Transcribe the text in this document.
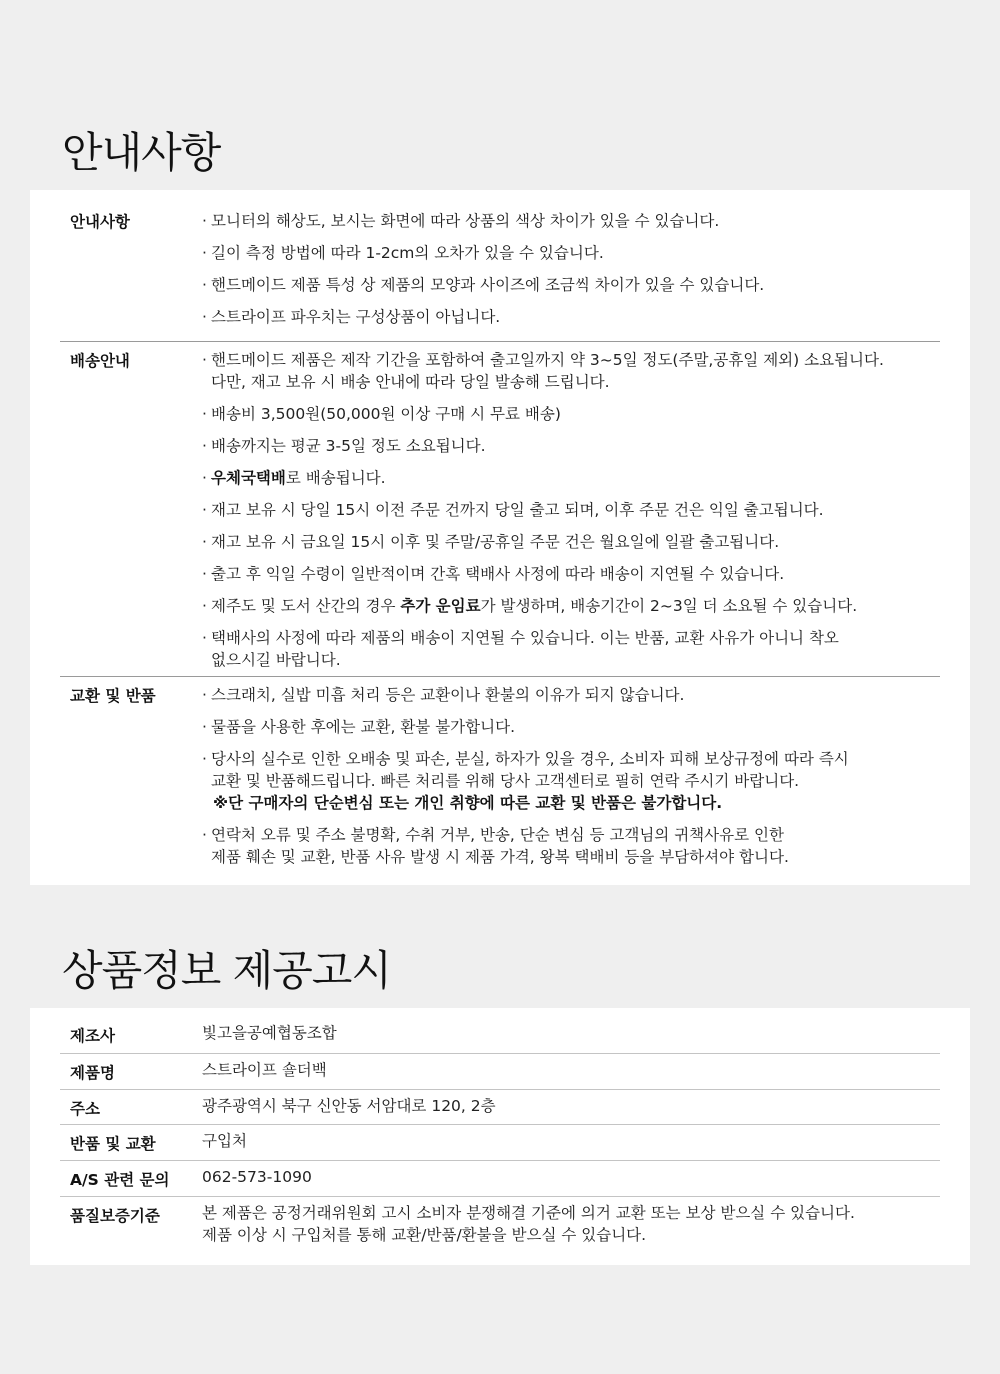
안내사항
안내사항	· 모니터의 해상도, 보시는 화면에 따라 상품의 색상 차이가 있을 수 있습니다.
· 길이 측정 방법에 따라 1-2cm의 오차가 있을 수 있습니다.
· 핸드메이드 제품 특성 상 제품의 모양과 사이즈에 조금씩 차이가 있을 수 있습니다.
· 스트라이프 파우치는 구성상품이 아닙니다.
배송안내	· 핸드메이드 제품은 제작 기간을 포함하여 출고일까지 약 3~5일 정도(주말,공휴일 제외) 소요됩니다.
다만, 재고 보유 시 배송 안내에 따라 당일 발송해 드립니다.
· 배송비 3,500원(50,000원 이상 구매 시 무료 배송)
· 배송까지는 평균 3-5일 정도 소요됩니다.
· 우체국택배로 배송됩니다.
· 재고 보유 시 당일 15시 이전 주문 건까지 당일 출고 되며, 이후 주문 건은 익일 출고됩니다.
· 재고 보유 시 금요일 15시 이후 및 주말/공휴일 주문 건은 월요일에 일괄 출고됩니다.
· 출고 후 익일 수령이 일반적이며 간혹 택배사 사정에 따라 배송이 지연될 수 있습니다.
· 제주도 및 도서 산간의 경우 추가 운임료가 발생하며, 배송기간이 2~3일 더 소요될 수 있습니다.
· 택배사의 사정에 따라 제품의 배송이 지연될 수 있습니다. 이는 반품, 교환 사유가 아니니 착오
없으시길 바랍니다.
교환 및 반품	· 스크래치, 실밥 미흡 처리 등은 교환이나 환불의 이유가 되지 않습니다.
· 물품을 사용한 후에는 교환, 환불 불가합니다.
· 당사의 실수로 인한 오배송 및 파손, 분실, 하자가 있을 경우, 소비자 피해 보상규정에 따라 즉시
교환 및 반품해드립니다. 빠른 처리를 위해 당사 고객센터로 필히 연락 주시기 바랍니다.
※단 구매자의 단순변심 또는 개인 취향에 따른 교환 및 반품은 불가합니다.
· 연락처 오류 및 주소 불명확, 수취 거부, 반송, 단순 변심 등 고객님의 귀책사유로 인한
제품 훼손 및 교환, 반품 사유 발생 시 제품 가격, 왕복 택배비 등을 부담하셔야 합니다.
상품정보 제공고시
제조사	빛고을공예협동조합
제품명	스트라이프 숄더백
주소	광주광역시 북구 신안동 서암대로 120, 2층
반품 및 교환	구입처
A/S 관련 문의 062-573-1090
품질보증기준	본 제품은 공정거래위원회 고시 소비자 분쟁해결 기준에 의거 교환 또는 보상 받으실 수 있습니다.
제품 이상 시 구입처를 통해 교환/반품/환불을 받으실 수 있습니다.
